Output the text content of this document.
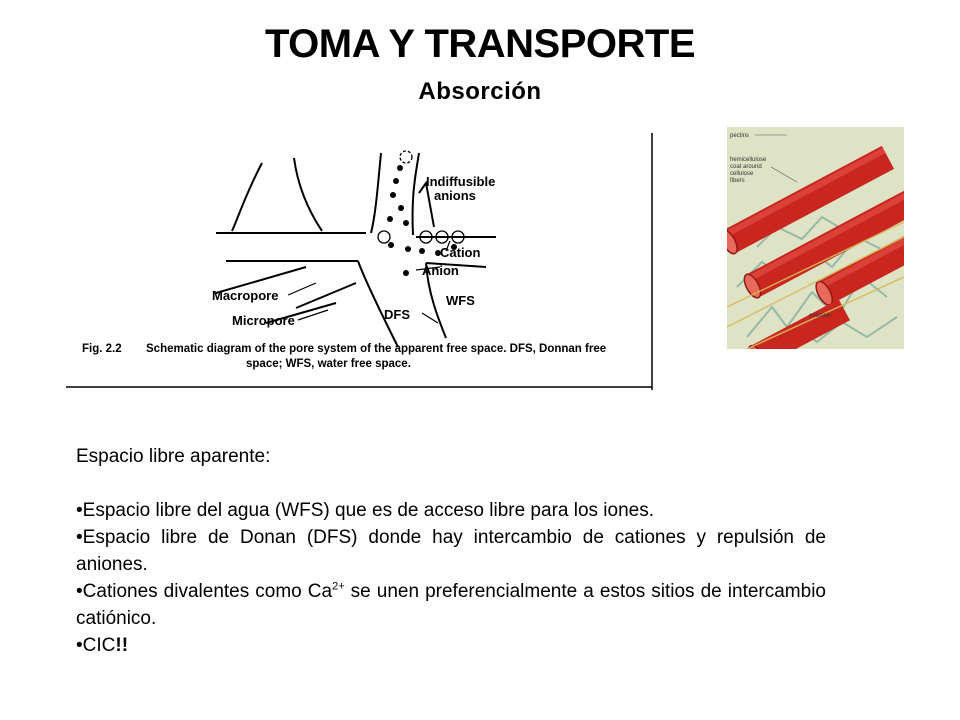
TOMA Y TRANSPORTE
Absorción
Indiffusible
anions
Cation
Anion
Macropore
Micropore	DFS
WFS
Fig. 2.2 Schematic diagram of the pore system of the apparent free space. DFS, Donnan free
space; WFS, water free space.
pectins
hemicellulose
coat around
cellulose
fibers
extensin

Espacio libre aparente:

•Espacio libre del agua (WFS) que es de acceso libre para los iones.

•Espacio libre de Donan (DFS) donde hay intercambio de cationes y repulsión de aniones.

•Cationes divalentes como $Ca^{2+}$ se unen preferencialmente a estos sitios de intercambio catiónico.

•CIC!!
